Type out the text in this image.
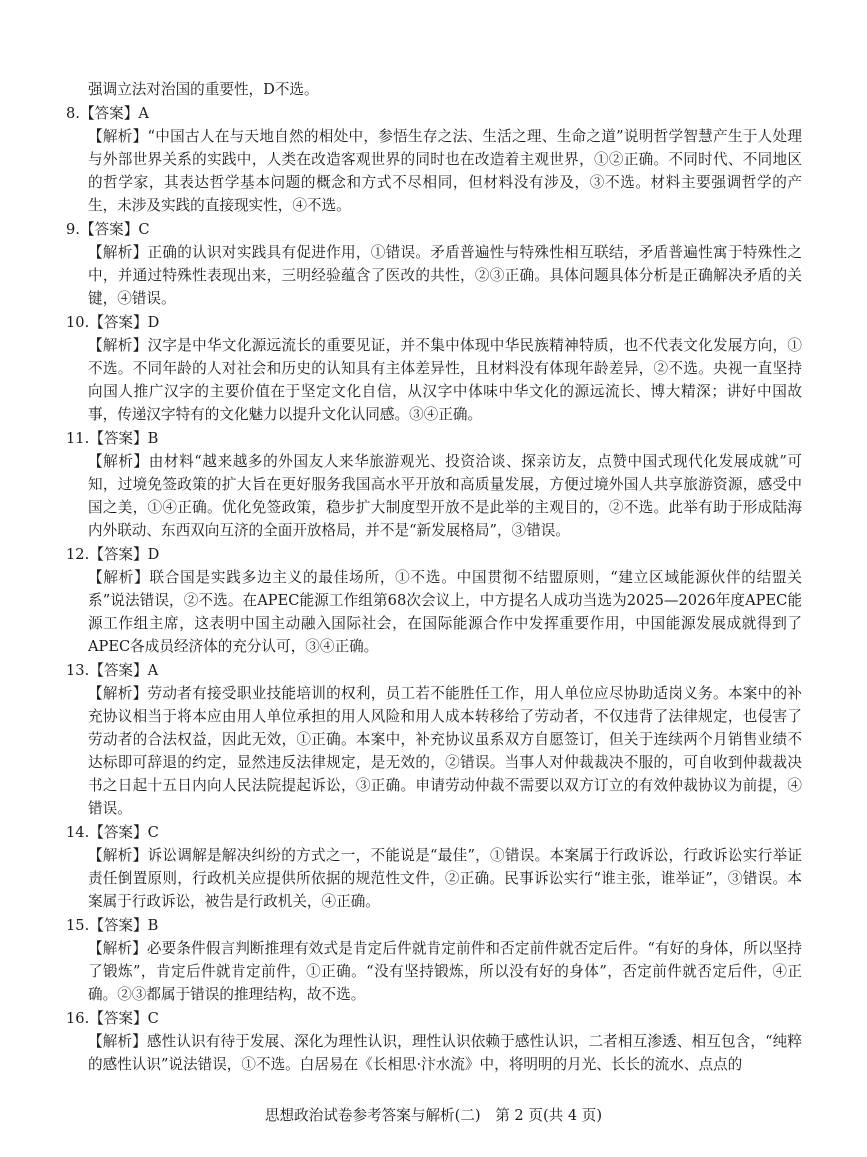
强调立法对治国的重要性，D不选。
8.【答案】A
【解析】“中国古人在与天地自然的相处中，参悟生存之法、生活之理、生命之道”说明哲学智慧产生于人处理与外部世界关系的实践中，人类在改造客观世界的同时也在改造着主观世界，①②正确。不同时代、不同地区的哲学家，其表达哲学基本问题的概念和方式不尽相同，但材料没有涉及，③不选。材料主要强调哲学的产生，未涉及实践的直接现实性，④不选。
9.【答案】C
【解析】正确的认识对实践具有促进作用，①错误。矛盾普遍性与特殊性相互联结，矛盾普遍性寓于特殊性之中，并通过特殊性表现出来，三明经验蕴含了医改的共性，②③正确。具体问题具体分析是正确解决矛盾的关键，④错误。
10.【答案】D
【解析】汉字是中华文化源远流长的重要见证，并不集中体现中华民族精神特质，也不代表文化发展方向，①不选。不同年龄的人对社会和历史的认知具有主体差异性，且材料没有体现年龄差异，②不选。央视一直坚持向国人推广汉字的主要价值在于坚定文化自信，从汉字中体味中华文化的源远流长、博大精深；讲好中国故事，传递汉字特有的文化魅力以提升文化认同感。③④正确。
11.【答案】B
【解析】由材料“越来越多的外国友人来华旅游观光、投资洽谈、探亲访友，点赞中国式现代化发展成就”可知，过境免签政策的扩大旨在更好服务我国高水平开放和高质量发展，方便过境外国人共享旅游资源，感受中国之美，①④正确。优化免签政策，稳步扩大制度型开放不是此举的主观目的，②不选。此举有助于形成陆海内外联动、东西双向互济的全面开放格局，并不是“新发展格局”，③错误。
12.【答案】D
【解析】联合国是实践多边主义的最佳场所，①不选。中国贯彻不结盟原则，“建立区域能源伙伴的结盟关系”说法错误，②不选。在APEC能源工作组第68次会议上，中方提名人成功当选为2025—2026年度APEC能源工作组主席，这表明中国主动融入国际社会，在国际能源合作中发挥重要作用，中国能源发展成就得到了APEC各成员经济体的充分认可，③④正确。
13.【答案】A
【解析】劳动者有接受职业技能培训的权利，员工若不能胜任工作，用人单位应尽协助适岗义务。本案中的补充协议相当于将本应由用人单位承担的用人风险和用人成本转移给了劳动者，不仅违背了法律规定，也侵害了劳动者的合法权益，因此无效，①正确。本案中，补充协议虽系双方自愿签订，但关于连续两个月销售业绩不达标即可辞退的约定，显然违反法律规定，是无效的，②错误。当事人对仲裁裁决不服的，可自收到仲裁裁决书之日起十五日内向人民法院提起诉讼，③正确。申请劳动仲裁不需要以双方订立的有效仲裁协议为前提，④错误。
14.【答案】C
【解析】诉讼调解是解决纠纷的方式之一，不能说是“最佳”，①错误。本案属于行政诉讼，行政诉讼实行举证责任倒置原则，行政机关应提供所依据的规范性文件，②正确。民事诉讼实行“谁主张，谁举证”，③错误。本案属于行政诉讼，被告是行政机关，④正确。
15.【答案】B
【解析】必要条件假言判断推理有效式是肯定后件就肯定前件和否定前件就否定后件。“有好的身体，所以坚持了锻炼”，肯定后件就肯定前件，①正确。“没有坚持锻炼，所以没有好的身体”，否定前件就否定后件，④正确。②③都属于错误的推理结构，故不选。
16.【答案】C
【解析】感性认识有待于发展、深化为理性认识，理性认识依赖于感性认识，二者相互渗透、相互包含，“纯粹的感性认识”说法错误，①不选。白居易在《长相思·汴水流》中，将明明的月光、长长的流水、点点的
思想政治试卷参考答案与解析(二)　第 2 页(共 4 页)
